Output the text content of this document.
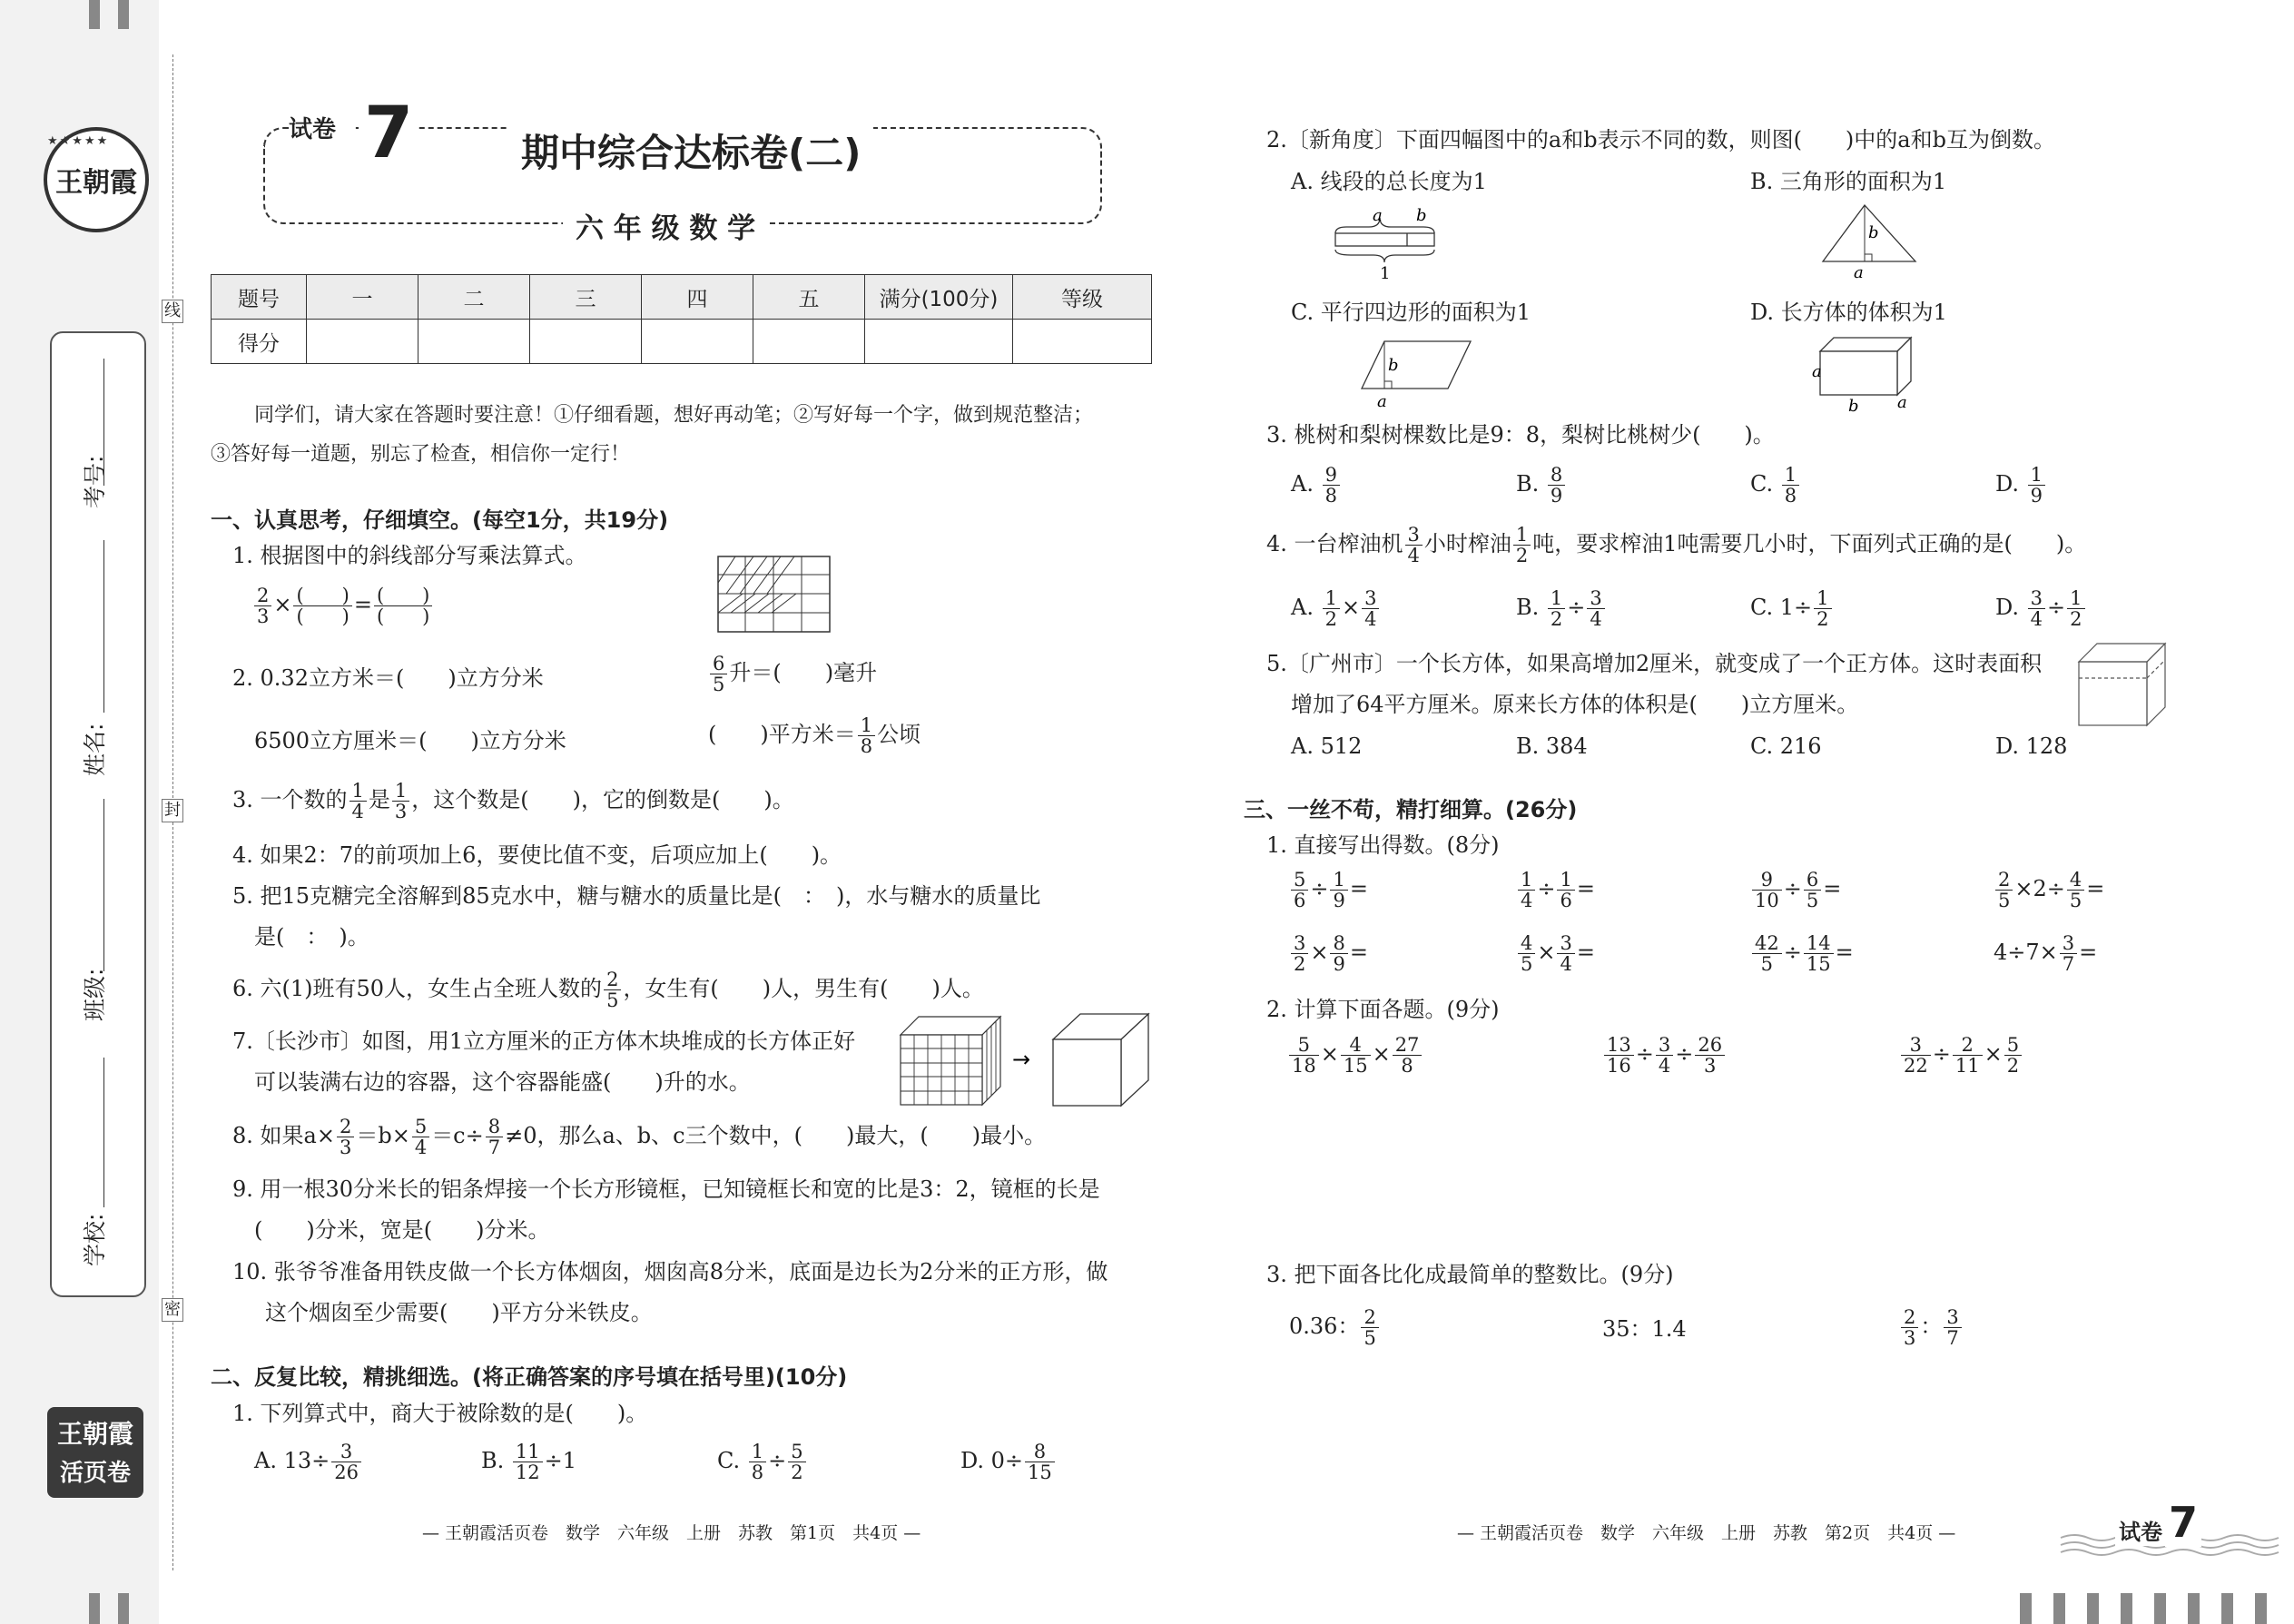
王朝霞
★★★★★
考号:
姓名:
班级:
学校:
线
封
密
王朝霞
活页卷
试卷 7	期中综合达标卷(二)
六 年 级 数 学
题号	一	二	三	四	五	满分(100分)	等级
得分							
同学们，请大家在答题时要注意！①仔细看题，想好再动笔；②写好每一个字，做到规范整洁；
③答好每一道题，别忘了检查，相信你一定行！
一、认真思考，仔细填空。(每空1分，共19分)
1. 根据图中的斜线部分写乘法算式。
$\frac{2}{3} \times \frac{( )}{( )} = \frac{( )}{( )}$
2. 0.32立方米＝(　　)立方分米	$\frac{6}{5}$ 升＝(　　)毫升
6500立方厘米＝(　　)立方分米	(　　)平方米＝ $\frac{1}{8}$ 公顷
3. 一个数的 $\frac{1}{4}$ 是 $\frac{1}{3}$ ，这个数是(　　)，它的倒数是(　　)。
4. 如果2：7的前项加上6，要使比值不变，后项应加上(　　)。
5. 把15克糖完全溶解到85克水中，糖与糖水的质量比是(　：　)，水与糖水的质量比
是(　：　)。
6. 六(1)班有50人，女生占全班人数的 $\frac{2}{5}$ ，女生有(　　)人，男生有(　　)人。
7.〔长沙市〕如图，用1立方厘米的正方体木块堆成的长方体正好
可以装满右边的容器，这个容器能盛(　　)升的水。
→
8. 如果$a\times \frac{2}{3} =b\times \frac{5}{4} =c\div \frac{8}{7} \ne 0$，那么a、b、c三个数中，(　　)最大，(　　)最小。
9. 用一根30分米长的铝条焊接一个长方形镜框，已知镜框长和宽的比是3：2，镜框的长是
(　　)分米，宽是(　　)分米。
10. 张爷爷准备用铁皮做一个长方体烟囱，烟囱高8分米，底面是边长为2分米的正方形，做
这个烟囱至少需要(　　)平方分米铁皮。
二、反复比较，精挑细选。(将正确答案的序号填在括号里)(10分)
1. 下列算式中，商大于被除数的是(　　)。
A. $13\div \frac{3}{26}$	B. $\frac{11}{12} \div 1$	C. $\frac{1}{8} \div \frac{5}{2}$	D. $0\div \frac{8}{15}$
— 王朝霞活页卷　数学　六年级　上册　苏教　第1页　共4页 —
2.〔新角度〕下面四幅图中的a和b表示不同的数，则图(　　)中的a和b互为倒数。
A. 线段的总长度为1	B. 三角形的面积为1
a b
1
b
a
C. 平行四边形的面积为1	D. 长方体的体积为1
b
a
a
b a
3. 桃树和梨树棵数比是9：8，梨树比桃树少(　　)。
A. $\frac{9}{8}$	B. $\frac{8}{9}$	C. $\frac{1}{8}$	D. $\frac{1}{9}$
4. 一台榨油机 $\frac{3}{4}$ 小时榨油 $\frac{1}{2}$ 吨，要求榨油1吨需要几小时，下面列式正确的是(　　)。
A. $\frac{1}{2} \times \frac{3}{4}$	B. $\frac{1}{2} \div \frac{3}{4}$	C. $1\div \frac{1}{2}$	D. $\frac{3}{4} \div \frac{1}{2}$
5.〔广州市〕一个长方体，如果高增加2厘米，就变成了一个正方体。这时表面积
增加了64平方厘米。原来长方体的体积是(　　)立方厘米。
A. 512	B. 384	C. 216	D. 128
三、一丝不苟，精打细算。(26分)
1. 直接写出得数。(8分)
$\frac{5}{6} \div \frac{1}{9}$ =	$\frac{1}{4} \div \frac{1}{6}$ =	$\frac{9}{10} \div \frac{6}{5}$ =	$\frac{2}{5} \times 2\div \frac{4}{5}$ =
$\frac{3}{2} \times \frac{8}{9}$ =	$\frac{4}{5} \times \frac{3}{4}$ =	$\frac{42}{5} \div \frac{14}{15}$ =	$4\div 7\times \frac{3}{7}$ =
2. 计算下面各题。(9分)
$\frac{5}{18} \times \frac{4}{15} \times \frac{27}{8}$	$\frac{13}{16} \div \frac{3}{4} \div \frac{26}{3}$	$\frac{3}{22} \div \frac{2}{11} \times \frac{5}{2}$
3. 把下面各比化成最简单的整数比。(9分)
0.36： $\frac{2}{5}$	35：1.4	$\frac{2}{3}$ ： $\frac{3}{7}$
— 王朝霞活页卷　数学　六年级　上册　苏教　第2页　共4页 —	试卷 7
